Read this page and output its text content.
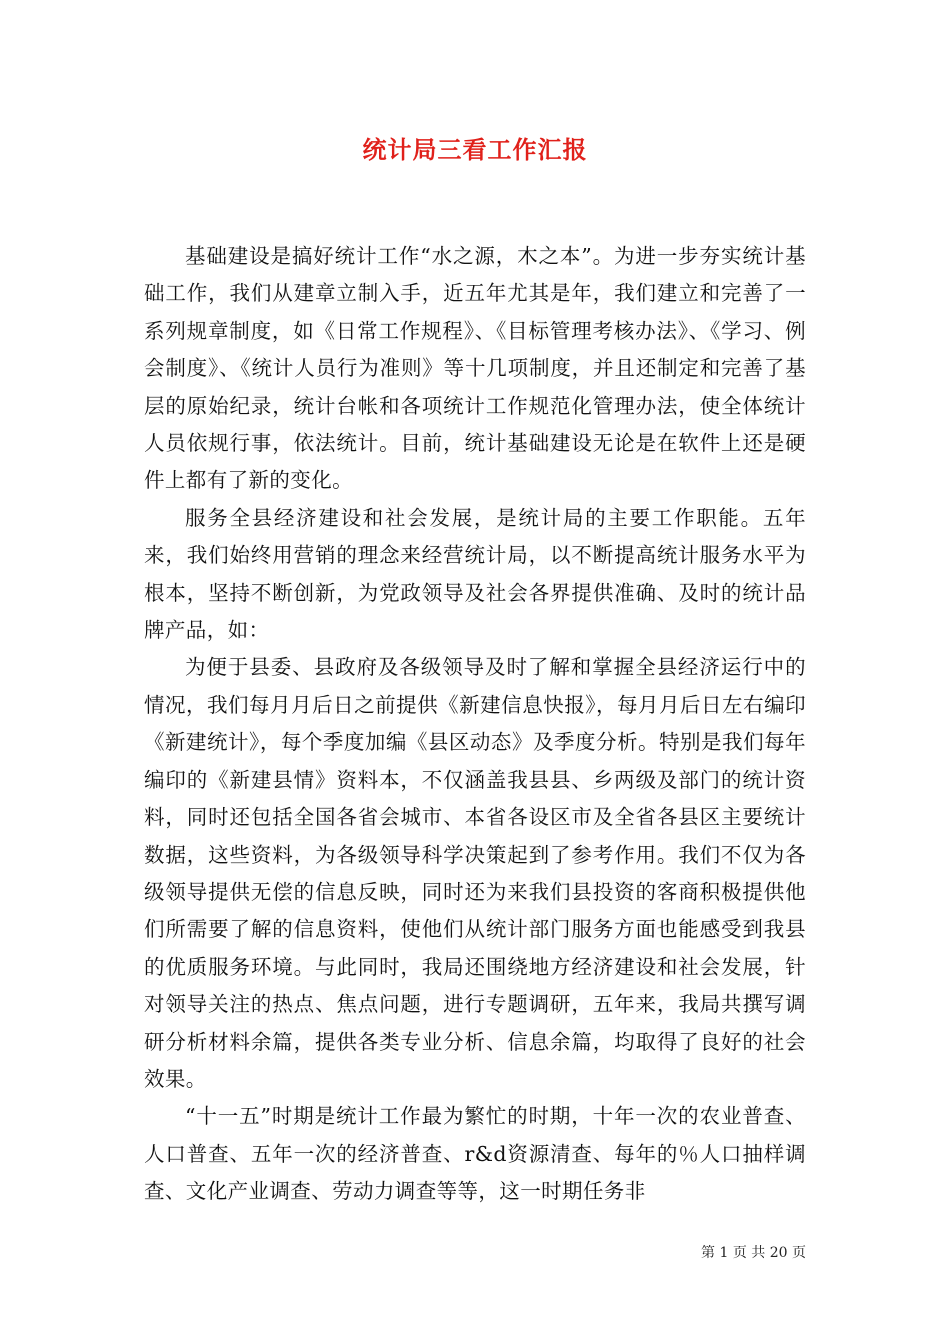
统计局三看工作汇报

基础建设是搞好统计工作“水之源，木之本”。为进一步夯实统计基础工作，我们从建章立制入手，近五年尤其是年，我们建立和完善了一系列规章制度，如《日常工作规程》、《目标管理考核办法》、《学习、例会制度》、《统计人员行为准则》等十几项制度，并且还制定和完善了基层的原始纪录，统计台帐和各项统计工作规范化管理办法，使全体统计人员依规行事，依法统计。目前，统计基础建设无论是在软件上还是硬件上都有了新的变化。

服务全县经济建设和社会发展，是统计局的主要工作职能。五年来，我们始终用营销的理念来经营统计局，以不断提高统计服务水平为根本，坚持不断创新，为党政领导及社会各界提供准确、及时的统计品牌产品，如：

为便于县委、县政府及各级领导及时了解和掌握全县经济运行中的情况，我们每月月后日之前提供《新建信息快报》，每月月后日左右编印《新建统计》，每个季度加编《县区动态》及季度分析。特别是我们每年编印的《新建县情》资料本，不仅涵盖我县县、乡两级及部门的统计资料，同时还包括全国各省会城市、本省各设区市及全省各县区主要统计数据，这些资料，为各级领导科学决策起到了参考作用。我们不仅为各级领导提供无偿的信息反映，同时还为来我们县投资的客商积极提供他们所需要了解的信息资料，使他们从统计部门服务方面也能感受到我县的优质服务环境。与此同时，我局还围绕地方经济建设和社会发展，针对领导关注的热点、焦点问题，进行专题调研，五年来，我局共撰写调研分析材料余篇，提供各类专业分析、信息余篇，均取得了良好的社会效果。

“十一五”时期是统计工作最为繁忙的时期，十年一次的农业普查、人口普查、五年一次的经济普查、r&d资源清查、每年的％人口抽样调查、文化产业调查、劳动力调查等等，这一时期任务非

第 1 页 共 20 页
